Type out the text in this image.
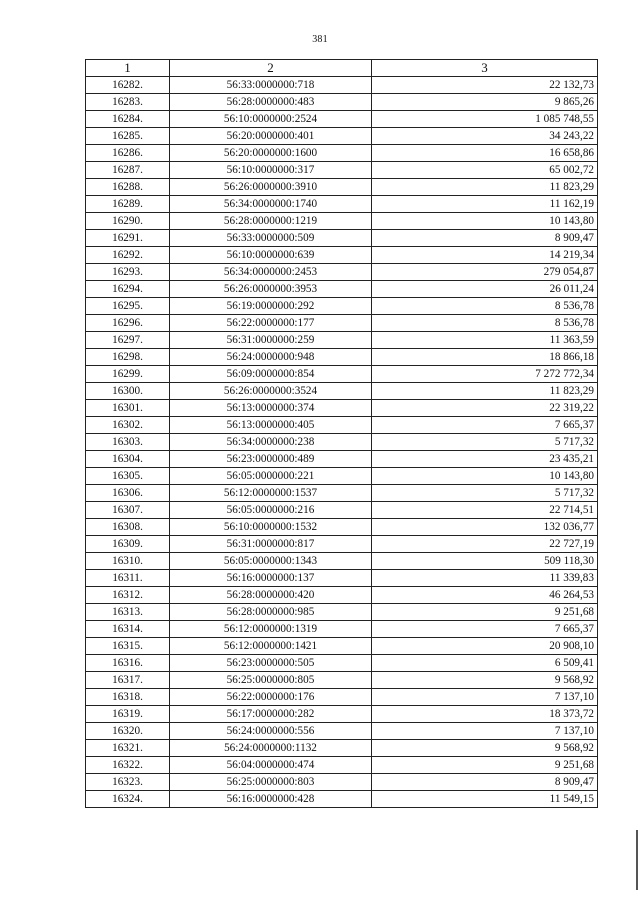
381
1	2	3
16282.	56:33:0000000:718	22 132,73
16283.	56:28:0000000:483	9 865,26
16284.	56:10:0000000:2524	1 085 748,55
16285.	56:20:0000000:401	34 243,22
16286.	56:20:0000000:1600	16 658,86
16287.	56:10:0000000:317	65 002,72
16288.	56:26:0000000:3910	11 823,29
16289.	56:34:0000000:1740	11 162,19
16290.	56:28:0000000:1219	10 143,80
16291.	56:33:0000000:509	8 909,47
16292.	56:10:0000000:639	14 219,34
16293.	56:34:0000000:2453	279 054,87
16294.	56:26:0000000:3953	26 011,24
16295.	56:19:0000000:292	8 536,78
16296.	56:22:0000000:177	8 536,78
16297.	56:31:0000000:259	11 363,59
16298.	56:24:0000000:948	18 866,18
16299.	56:09:0000000:854	7 272 772,34
16300.	56:26:0000000:3524	11 823,29
16301.	56:13:0000000:374	22 319,22
16302.	56:13:0000000:405	7 665,37
16303.	56:34:0000000:238	5 717,32
16304.	56:23:0000000:489	23 435,21
16305.	56:05:0000000:221	10 143,80
16306.	56:12:0000000:1537	5 717,32
16307.	56:05:0000000:216	22 714,51
16308.	56:10:0000000:1532	132 036,77
16309.	56:31:0000000:817	22 727,19
16310.	56:05:0000000:1343	509 118,30
16311.	56:16:0000000:137	11 339,83
16312.	56:28:0000000:420	46 264,53
16313.	56:28:0000000:985	9 251,68
16314.	56:12:0000000:1319	7 665,37
16315.	56:12:0000000:1421	20 908,10
16316.	56:23:0000000:505	6 509,41
16317.	56:25:0000000:805	9 568,92
16318.	56:22:0000000:176	7 137,10
16319.	56:17:0000000:282	18 373,72
16320.	56:24:0000000:556	7 137,10
16321.	56:24:0000000:1132	9 568,92
16322.	56:04:0000000:474	9 251,68
16323.	56:25:0000000:803	8 909,47
16324.	56:16:0000000:428	11 549,15
